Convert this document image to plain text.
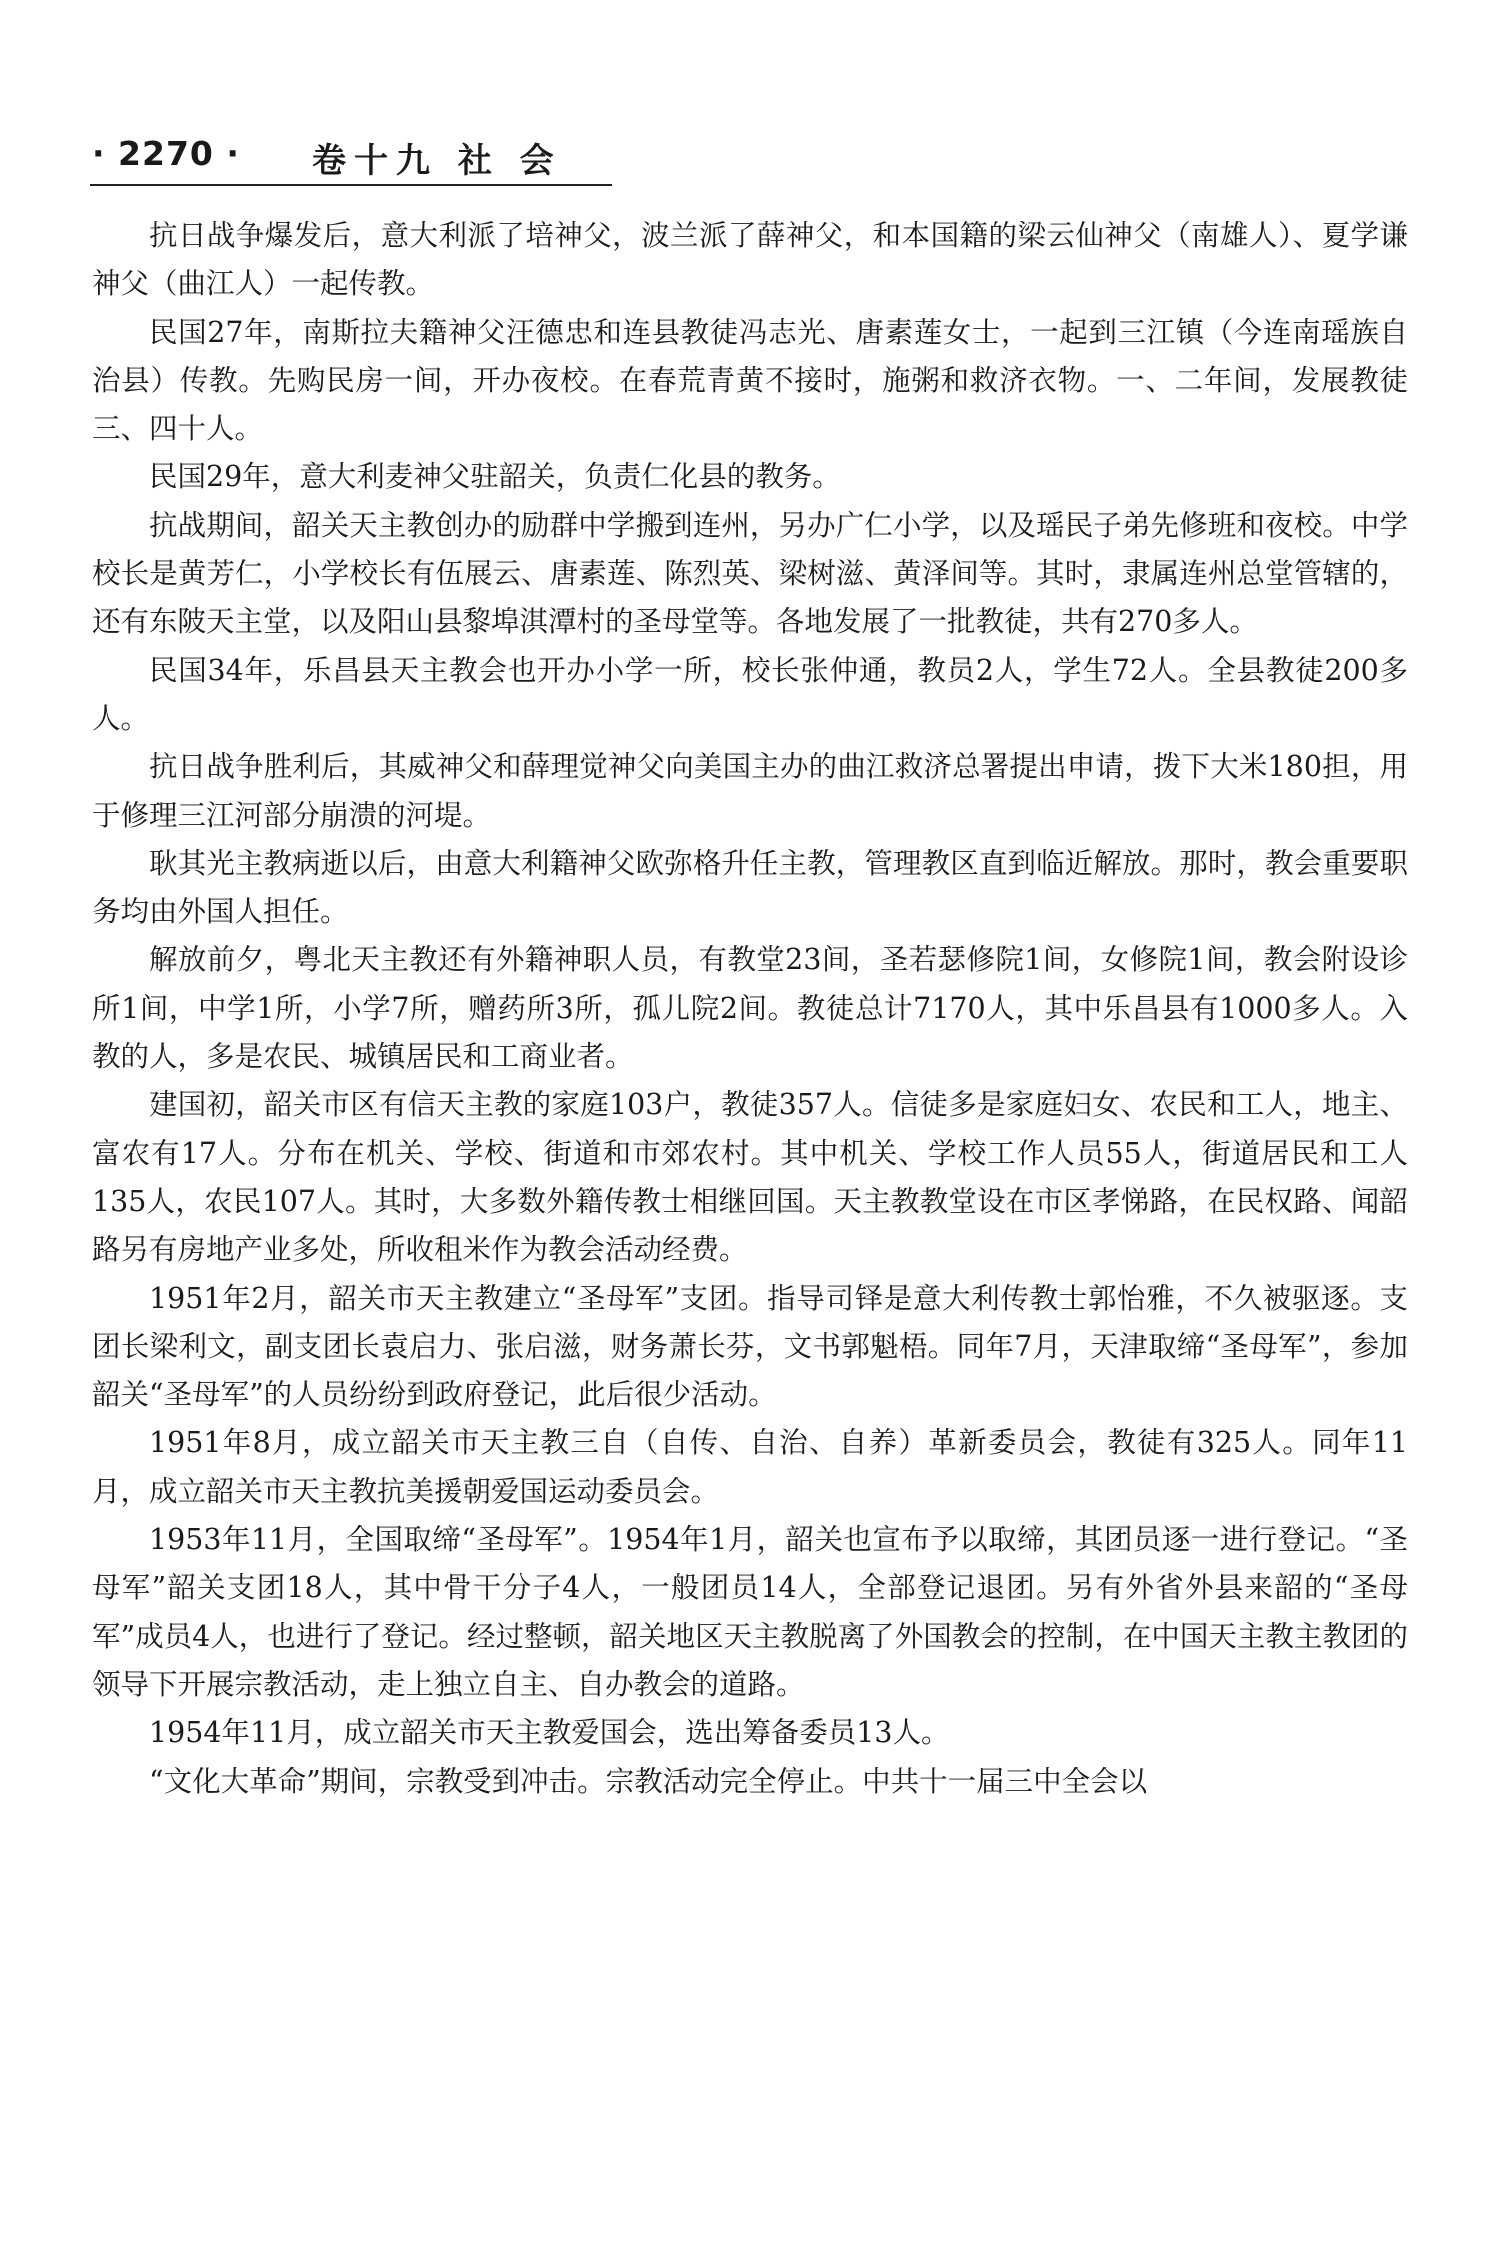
· 2270 · 卷十九 社 会

抗日战争爆发后，意大利派了培神父，波兰派了薛神父，和本国籍的梁云仙神父（南雄人）、夏学谦神父（曲江人）一起传教。

民国27年，南斯拉夫籍神父汪德忠和连县教徒冯志光、唐素莲女士，一起到三江镇（今连南瑶族自治县）传教。先购民房一间，开办夜校。在春荒青黄不接时，施粥和救济衣物。一、二年间，发展教徒三、四十人。

民国29年，意大利麦神父驻韶关，负责仁化县的教务。

抗战期间，韶关天主教创办的励群中学搬到连州，另办广仁小学，以及瑶民子弟先修班和夜校。中学校长是黄芳仁，小学校长有伍展云、唐素莲、陈烈英、梁树滋、黄泽间等。其时，隶属连州总堂管辖的，还有东陂天主堂，以及阳山县黎埠淇潭村的圣母堂等。各地发展了一批教徒，共有270多人。

民国34年，乐昌县天主教会也开办小学一所，校长张仲通，教员2人，学生72人。全县教徒200多人。

抗日战争胜利后，其威神父和薛理觉神父向美国主办的曲江救济总署提出申请，拨下大米180担，用于修理三江河部分崩溃的河堤。

耿其光主教病逝以后，由意大利籍神父欧弥格升任主教，管理教区直到临近解放。那时，教会重要职务均由外国人担任。

解放前夕，粤北天主教还有外籍神职人员，有教堂23间，圣若瑟修院1间，女修院1间，教会附设诊所1间，中学1所，小学7所，赠药所3所，孤儿院2间。教徒总计7170人，其中乐昌县有1000多人。入教的人，多是农民、城镇居民和工商业者。

建国初，韶关市区有信天主教的家庭103户，教徒357人。信徒多是家庭妇女、农民和工人，地主、富农有17人。分布在机关、学校、街道和市郊农村。其中机关、学校工作人员55人，街道居民和工人135人，农民107人。其时，大多数外籍传教士相继回国。天主教教堂设在市区孝悌路，在民权路、闻韶路另有房地产业多处，所收租米作为教会活动经费。

1951年2月，韶关市天主教建立“圣母军”支团。指导司铎是意大利传教士郭怡雅，不久被驱逐。支团长梁利文，副支团长袁启力、张启滋，财务萧长芬，文书郭魁梧。同年7月，天津取缔“圣母军”，参加韶关“圣母军”的人员纷纷到政府登记，此后很少活动。

1951年8月，成立韶关市天主教三自（自传、自治、自养）革新委员会，教徒有325人。同年11月，成立韶关市天主教抗美援朝爱国运动委员会。

1953年11月，全国取缔“圣母军”。1954年1月，韶关也宣布予以取缔，其团员逐一进行登记。“圣母军”韶关支团18人，其中骨干分子4人，一般团员14人，全部登记退团。另有外省外县来韶的“圣母军”成员4人，也进行了登记。经过整顿，韶关地区天主教脱离了外国教会的控制，在中国天主教主教团的领导下开展宗教活动，走上独立自主、自办教会的道路。

1954年11月，成立韶关市天主教爱国会，选出筹备委员13人。

“文化大革命”期间，宗教受到冲击。宗教活动完全停止。中共十一届三中全会以
